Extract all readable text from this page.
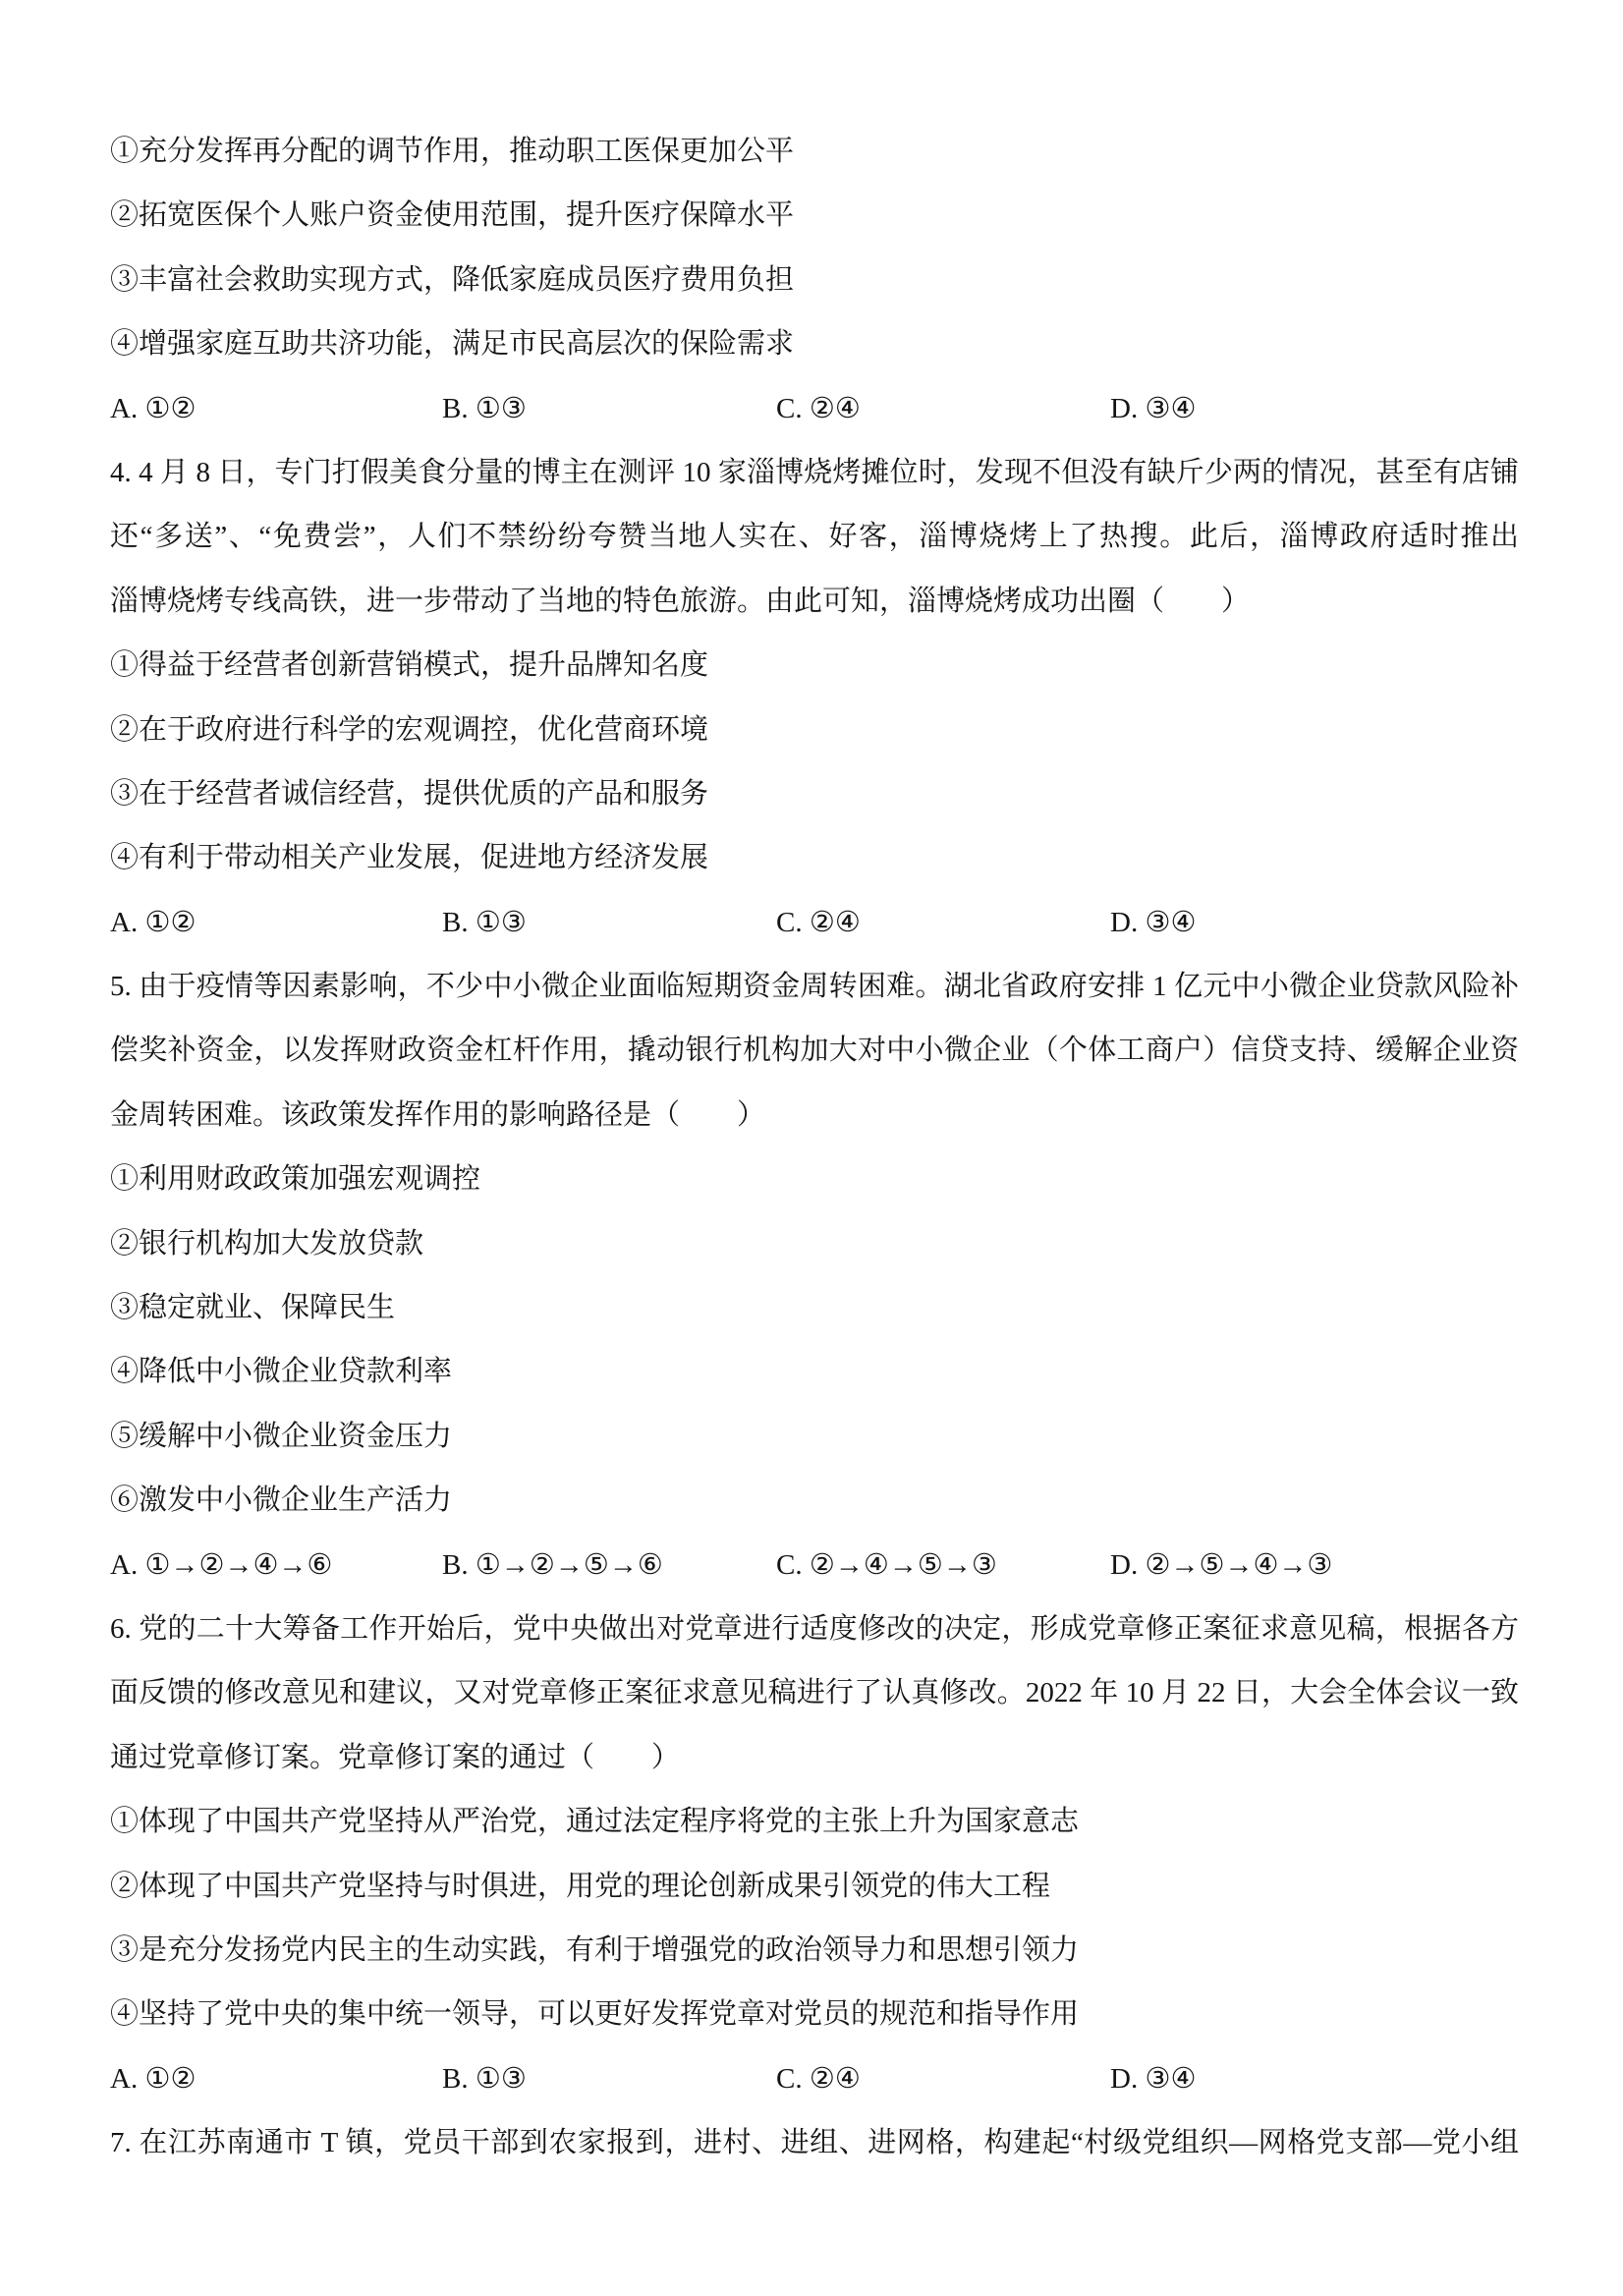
①充分发挥再分配的调节作用，推动职工医保更加公平
②拓宽医保个人账户资金使用范围，提升医疗保障水平
③丰富社会救助实现方式，降低家庭成员医疗费用负担
④增强家庭互助共济功能，满足市民高层次的保险需求
A. ①②	B. ①③	C. ②④	D. ③④
4. 4 月 8 日，专门打假美食分量的博主在测评 10 家淄博烧烤摊位时，发现不但没有缺斤少两的情况，甚至有店铺
还“多送”、“免费尝”，人们不禁纷纷夸赞当地人实在、好客，淄博烧烤上了热搜。此后，淄博政府适时推出
淄博烧烤专线高铁，进一步带动了当地的特色旅游。由此可知，淄博烧烤成功出圈（　　）
①得益于经营者创新营销模式，提升品牌知名度
②在于政府进行科学的宏观调控，优化营商环境
③在于经营者诚信经营，提供优质的产品和服务
④有利于带动相关产业发展，促进地方经济发展
A. ①②	B. ①③	C. ②④	D. ③④
5. 由于疫情等因素影响，不少中小微企业面临短期资金周转困难。湖北省政府安排 1 亿元中小微企业贷款风险补
偿奖补资金，以发挥财政资金杠杆作用，撬动银行机构加大对中小微企业（个体工商户）信贷支持、缓解企业资
金周转困难。该政策发挥作用的影响路径是（　　）
①利用财政政策加强宏观调控
②银行机构加大发放贷款
③稳定就业、保障民生
④降低中小微企业贷款利率
⑤缓解中小微企业资金压力
⑥激发中小微企业生产活力
A. ①→②→④→⑥	B. ①→②→⑤→⑥	C. ②→④→⑤→③	D. ②→⑤→④→③
6. 党的二十大筹备工作开始后，党中央做出对党章进行适度修改的决定，形成党章修正案征求意见稿，根据各方
面反馈的修改意见和建议，又对党章修正案征求意见稿进行了认真修改。2022 年 10 月 22 日，大会全体会议一致
通过党章修订案。党章修订案的通过（　　）
①体现了中国共产党坚持从严治党，通过法定程序将党的主张上升为国家意志
②体现了中国共产党坚持与时俱进，用党的理论创新成果引领党的伟大工程
③是充分发扬党内民主的生动实践，有利于增强党的政治领导力和思想引领力
④坚持了党中央的集中统一领导，可以更好发挥党章对党员的规范和指导作用
A. ①②	B. ①③	C. ②④	D. ③④
7. 在江苏南通市 T 镇，党员干部到农家报到，进村、进组、进网格，构建起“村级党组织—网格党支部—党小组
